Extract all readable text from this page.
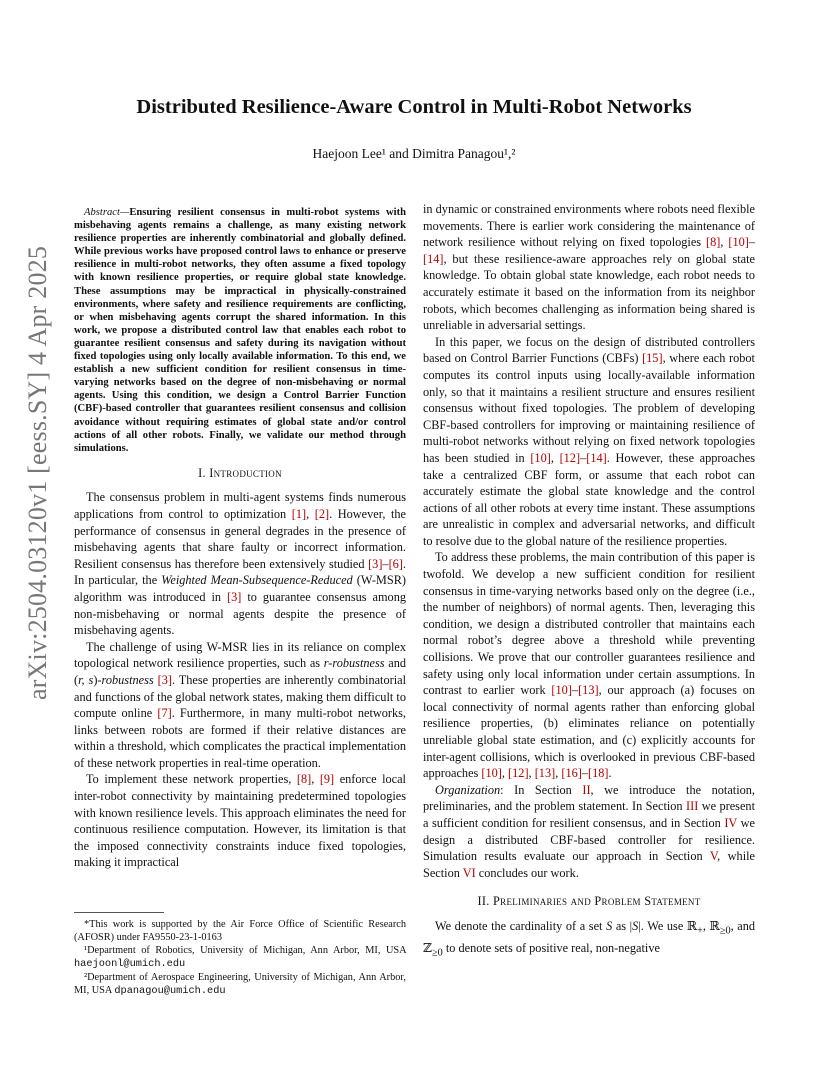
Distributed Resilience-Aware Control in Multi-Robot Networks
Haejoon Lee¹ and Dimitra Panagou¹,²
arXiv:2504.03120v1 [eess.SY] 4 Apr 2025
Abstract—Ensuring resilient consensus in multi-robot systems with misbehaving agents remains a challenge, as many existing network resilience properties are inherently combinatorial and globally defined. While previous works have proposed control laws to enhance or preserve resilience in multi-robot networks, they often assume a fixed topology with known resilience properties, or require global state knowledge. These assumptions may be impractical in physically-constrained environments, where safety and resilience requirements are conflicting, or when misbehaving agents corrupt the shared information. In this work, we propose a distributed control law that enables each robot to guarantee resilient consensus and safety during its navigation without fixed topologies using only locally available information. To this end, we establish a new sufficient condition for resilient consensus in time-varying networks based on the degree of non-misbehaving or normal agents. Using this condition, we design a Control Barrier Function (CBF)-based controller that guarantees resilient consensus and collision avoidance without requiring estimates of global state and/or control actions of all other robots. Finally, we validate our method through simulations.
I. Introduction

The consensus problem in multi-agent systems finds numerous applications from control to optimization [1], [2]. However, the performance of consensus in general degrades in the presence of misbehaving agents that share faulty or incorrect information. Resilient consensus has therefore been extensively studied [3]–[6]. In particular, the Weighted Mean-Subsequence-Reduced (W-MSR) algorithm was introduced in [3] to guarantee consensus among non-misbehaving or normal agents despite the presence of misbehaving agents.

The challenge of using W-MSR lies in its reliance on complex topological network resilience properties, such as r-robustness and (r, s)-robustness [3]. These properties are inherently combinatorial and functions of the global network states, making them difficult to compute online [7]. Furthermore, in many multi-robot networks, links between robots are formed if their relative distances are within a threshold, which complicates the practical implementation of these network properties in real-time operation.

To implement these network properties, [8], [9] enforce local inter-robot connectivity by maintaining predetermined topologies with known resilience levels. This approach eliminates the need for continuous resilience computation. However, its limitation is that the imposed connectivity constraints induce fixed topologies, making it impractical

*This work is supported by the Air Force Office of Scientific Research (AFOSR) under FA9550-23-1-0163

¹Department of Robotics, University of Michigan, Ann Arbor, MI, USA haejoonl@umich.edu

²Department of Aerospace Engineering, University of Michigan, Ann Arbor, MI, USA dpanagou@umich.edu

in dynamic or constrained environments where robots need flexible movements. There is earlier work considering the maintenance of network resilience without relying on fixed topologies [8], [10]–[14], but these resilience-aware approaches rely on global state knowledge. To obtain global state knowledge, each robot needs to accurately estimate it based on the information from its neighbor robots, which becomes challenging as information being shared is unreliable in adversarial settings.

In this paper, we focus on the design of distributed controllers based on Control Barrier Functions (CBFs) [15], where each robot computes its control inputs using locally-available information only, so that it maintains a resilient structure and ensures resilient consensus without fixed topologies. The problem of developing CBF-based controllers for improving or maintaining resilience of multi-robot networks without relying on fixed network topologies has been studied in [10], [12]–[14]. However, these approaches take a centralized CBF form, or assume that each robot can accurately estimate the global state knowledge and the control actions of all other robots at every time instant. These assumptions are unrealistic in complex and adversarial networks, and difficult to resolve due to the global nature of the resilience properties.

To address these problems, the main contribution of this paper is twofold. We develop a new sufficient condition for resilient consensus in time-varying networks based only on the degree (i.e., the number of neighbors) of normal agents. Then, leveraging this condition, we design a distributed controller that maintains each normal robot’s degree above a threshold while preventing collisions. We prove that our controller guarantees resilience and safety using only local information under certain assumptions. In contrast to earlier work [10]–[13], our approach (a) focuses on local connectivity of normal agents rather than enforcing global resilience properties, (b) eliminates reliance on potentially unreliable global state estimation, and (c) explicitly accounts for inter-agent collisions, which is overlooked in previous CBF-based approaches [10], [12], [13], [16]–[18].

Organization: In Section II, we introduce the notation, preliminaries, and the problem statement. In Section III we present a sufficient condition for resilient consensus, and in Section IV we design a distributed CBF-based controller for resilience. Simulation results evaluate our approach in Section V, while Section VI concludes our work.

II. Preliminaries and Problem Statement

We denote the cardinality of a set S as |S|. We use ℝ$_+$, ℝ$_{\ge 0}$, and ℤ$_{\ge 0}$ to denote sets of positive real, non-negative
